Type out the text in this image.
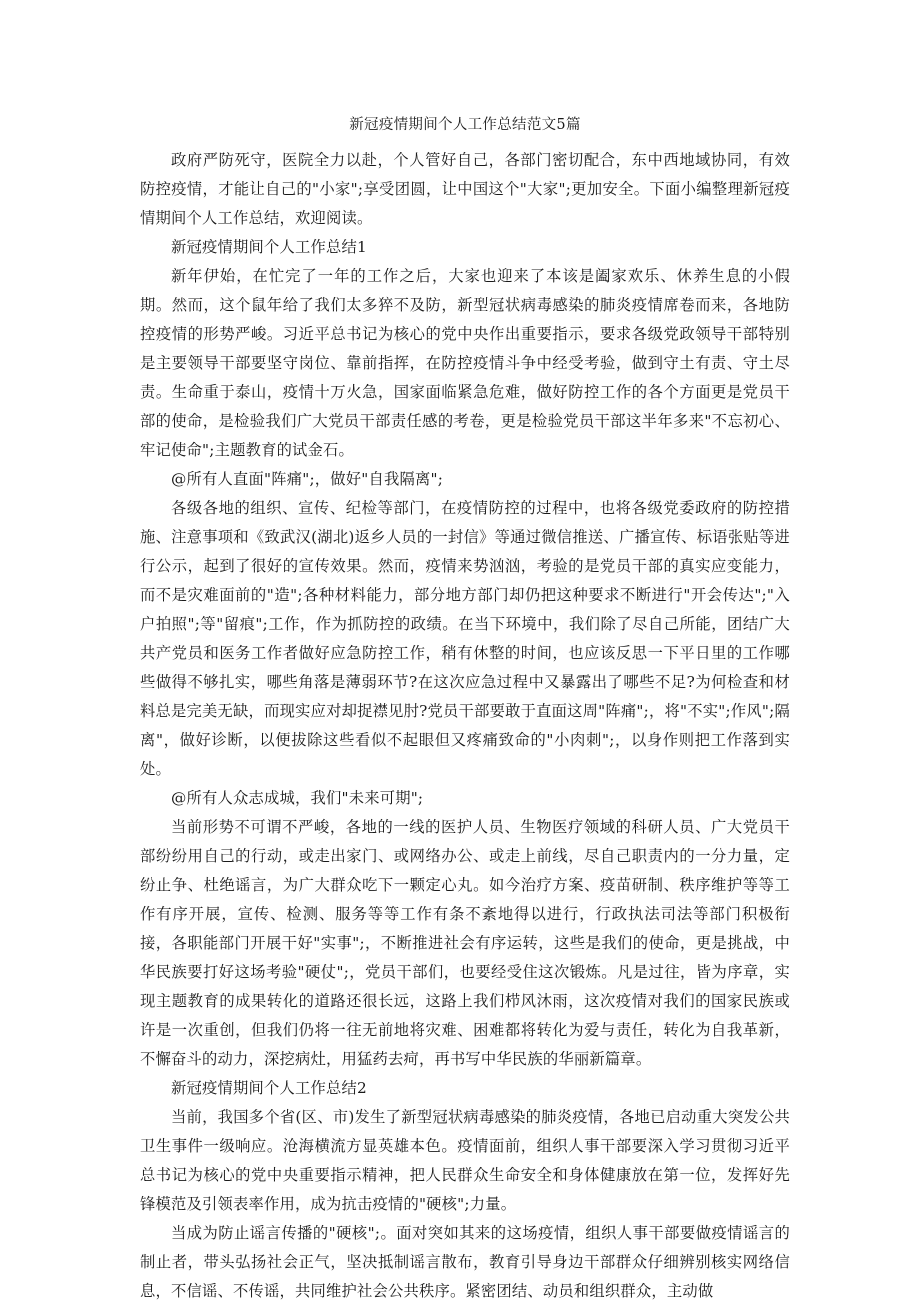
新冠疫情期间个人工作总结范文5篇

政府严防死守，医院全力以赴，个人管好自己，各部门密切配合，东中西地域协同，有效防控疫情，才能让自己的"小家";享受团圆，让中国这个"大家";更加安全。下面小编整理新冠疫情期间个人工作总结，欢迎阅读。

新冠疫情期间个人工作总结1

新年伊始，在忙完了一年的工作之后，大家也迎来了本该是阖家欢乐、休养生息的小假期。然而，这个鼠年给了我们太多猝不及防，新型冠状病毒感染的肺炎疫情席卷而来，各地防控疫情的形势严峻。习近平总书记为核心的党中央作出重要指示，要求各级党政领导干部特别是主要领导干部要坚守岗位、靠前指挥，在防控疫情斗争中经受考验，做到守土有责、守土尽责。生命重于泰山，疫情十万火急，国家面临紧急危难，做好防控工作的各个方面更是党员干部的使命，是检验我们广大党员干部责任感的考卷，更是检验党员干部这半年多来"不忘初心、牢记使命";主题教育的试金石。

@所有人直面"阵痛";，做好"自我隔离";

各级各地的组织、宣传、纪检等部门，在疫情防控的过程中，也将各级党委政府的防控措施、注意事项和《致武汉(湖北)返乡人员的一封信》等通过微信推送、广播宣传、标语张贴等进行公示，起到了很好的宣传效果。然而，疫情来势汹汹，考验的是党员干部的真实应变能力，而不是灾难面前的"造";各种材料能力，部分地方部门却仍把这种要求不断进行"开会传达";"入户拍照";等"留痕";工作，作为抓防控的政绩。在当下环境中，我们除了尽自己所能，团结广大共产党员和医务工作者做好应急防控工作，稍有休整的时间，也应该反思一下平日里的工作哪些做得不够扎实，哪些角落是薄弱环节?在这次应急过程中又暴露出了哪些不足?为何检查和材料总是完美无缺，而现实应对却捉襟见肘?党员干部要敢于直面这周"阵痛";，将"不实";作风";隔离"，做好诊断，以便拔除这些看似不起眼但又疼痛致命的"小肉刺";，以身作则把工作落到实处。

@所有人众志成城，我们"未来可期";

当前形势不可谓不严峻，各地的一线的医护人员、生物医疗领域的科研人员、广大党员干部纷纷用自己的行动，或走出家门、或网络办公、或走上前线，尽自己职责内的一分力量，定纷止争、杜绝谣言，为广大群众吃下一颗定心丸。如今治疗方案、疫苗研制、秩序维护等等工作有序开展，宣传、检测、服务等等工作有条不紊地得以进行，行政执法司法等部门积极衔接，各职能部门开展干好"实事";，不断推进社会有序运转，这些是我们的使命，更是挑战，中华民族要打好这场考验"硬仗";，党员干部们，也要经受住这次锻炼。凡是过往，皆为序章，实现主题教育的成果转化的道路还很长远，这路上我们栉风沐雨，这次疫情对我们的国家民族或许是一次重创，但我们仍将一往无前地将灾难、困难都将转化为爱与责任，转化为自我革新，不懈奋斗的动力，深挖病灶，用猛药去疴，再书写中华民族的华丽新篇章。

新冠疫情期间个人工作总结2

当前，我国多个省(区、市)发生了新型冠状病毒感染的肺炎疫情，各地已启动重大突发公共卫生事件一级响应。沧海横流方显英雄本色。疫情面前，组织人事干部要深入学习贯彻习近平总书记为核心的党中央重要指示精神，把人民群众生命安全和身体健康放在第一位，发挥好先锋模范及引领表率作用，成为抗击疫情的"硬核";力量。

当成为防止谣言传播的"硬核";。面对突如其来的这场疫情，组织人事干部要做疫情谣言的制止者，带头弘扬社会正气，坚决抵制谣言散布，教育引导身边干部群众仔细辨别核实网络信息，不信谣、不传谣，共同维护社会公共秩序。紧密团结、动员和组织群众，主动做
